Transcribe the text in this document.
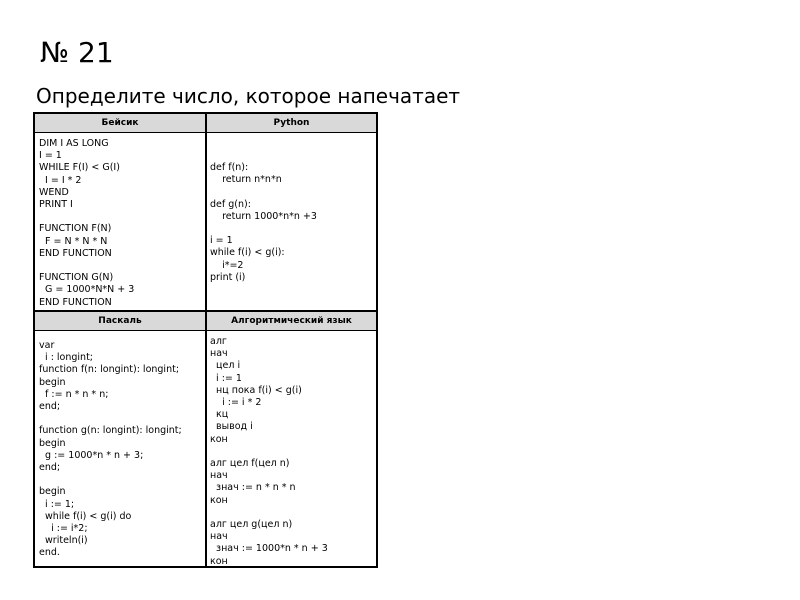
№ 21
Определите число, которое напечатает
Бейсик	Python
DIM I AS LONG
I = 1
WHILE F(I) < G(I)
I = I * 2
WEND
PRINT I

FUNCTION F(N)
F = N * N * N
END FUNCTION

FUNCTION G(N)
G = 1000*N*N + 3
END FUNCTION
def f(n):
return n*n*n

def g(n):
return 1000*n*n +3

i = 1
while f(i) < g(i):
i*=2
print (i)
Паскаль	Алгоритмический язык
var
i : longint;
function f(n: longint): longint;
begin
f := n * n * n;
end;

function g(n: longint): longint;
begin
g := 1000*n * n + 3;
end;

begin
i := 1;
while f(i) < g(i) do
i := i*2;
writeln(i)
end.
алг
нач
цел i
i := 1
нц пока f(i) < g(i)
i := i * 2
кц
вывод i
кон

алг цел f(цел n)
нач
знач := n * n * n
кон

алг цел g(цел n)
нач
знач := 1000*n * n + 3
кон
